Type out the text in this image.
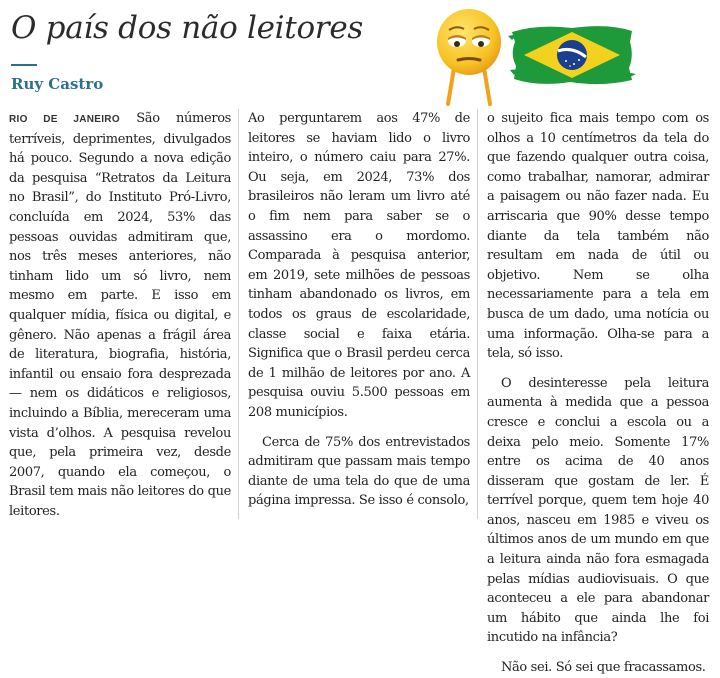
O país dos não leitores
Ruy Castro

RIO DE JANEIRO São números terríveis, deprimentes, divulgados há pouco. Segundo a nova edição da pesquisa “Retratos da Leitura no Brasil”, do Instituto Pró-Livro, concluída em 2024, 53% das pessoas ouvidas admitiram que, nos três meses anteriores, não tinham lido um só livro, nem mesmo em parte. E isso em qualquer mídia, física ou digital, e gênero. Não apenas a frágil área de literatura, biografia, história, infantil ou ensaio fora desprezada — nem os didáticos e religiosos, incluindo a Bíblia, mereceram uma vista d’olhos. A pesquisa revelou que, pela primeira vez, desde 2007, quando ela começou, o Brasil tem mais não leitores do que leitores.

Ao perguntarem aos 47% de leitores se haviam lido o livro inteiro, o número caiu para 27%. Ou seja, em 2024, 73% dos brasileiros não leram um livro até o fim nem para saber se o assassino era o mordomo. Comparada à pesquisa anterior, em 2019, sete milhões de pessoas tinham abandonado os livros, em todos os graus de escolaridade, classe social e faixa etária. Significa que o Brasil perdeu cerca de 1 milhão de leitores por ano. A pesquisa ouviu 5.500 pessoas em 208 municípios.

Cerca de 75% dos entrevistados admitiram que passam mais tempo diante de uma tela do que de uma página impressa. Se isso é consolo,

o sujeito fica mais tempo com os olhos a 10 centímetros da tela do que fazendo qualquer outra coisa, como trabalhar, namorar, admirar a paisagem ou não fazer nada. Eu arriscaria que 90% desse tempo diante da tela também não resultam em nada de útil ou objetivo. Nem se olha necessariamente para a tela em busca de um dado, uma notícia ou uma informação. Olha-se para a tela, só isso.

O desinteresse pela leitura aumenta à medida que a pessoa cresce e conclui a escola ou a deixa pelo meio. Somente 17% entre os acima de 40 anos disseram que gostam de ler. É terrível porque, quem tem hoje 40 anos, nasceu em 1985 e viveu os últimos anos de um mundo em que a leitura ainda não fora esmagada pelas mídias audiovisuais. O que aconteceu a ele para abandonar um hábito que ainda lhe foi incutido na infância?

Não sei. Só sei que fracassamos.
